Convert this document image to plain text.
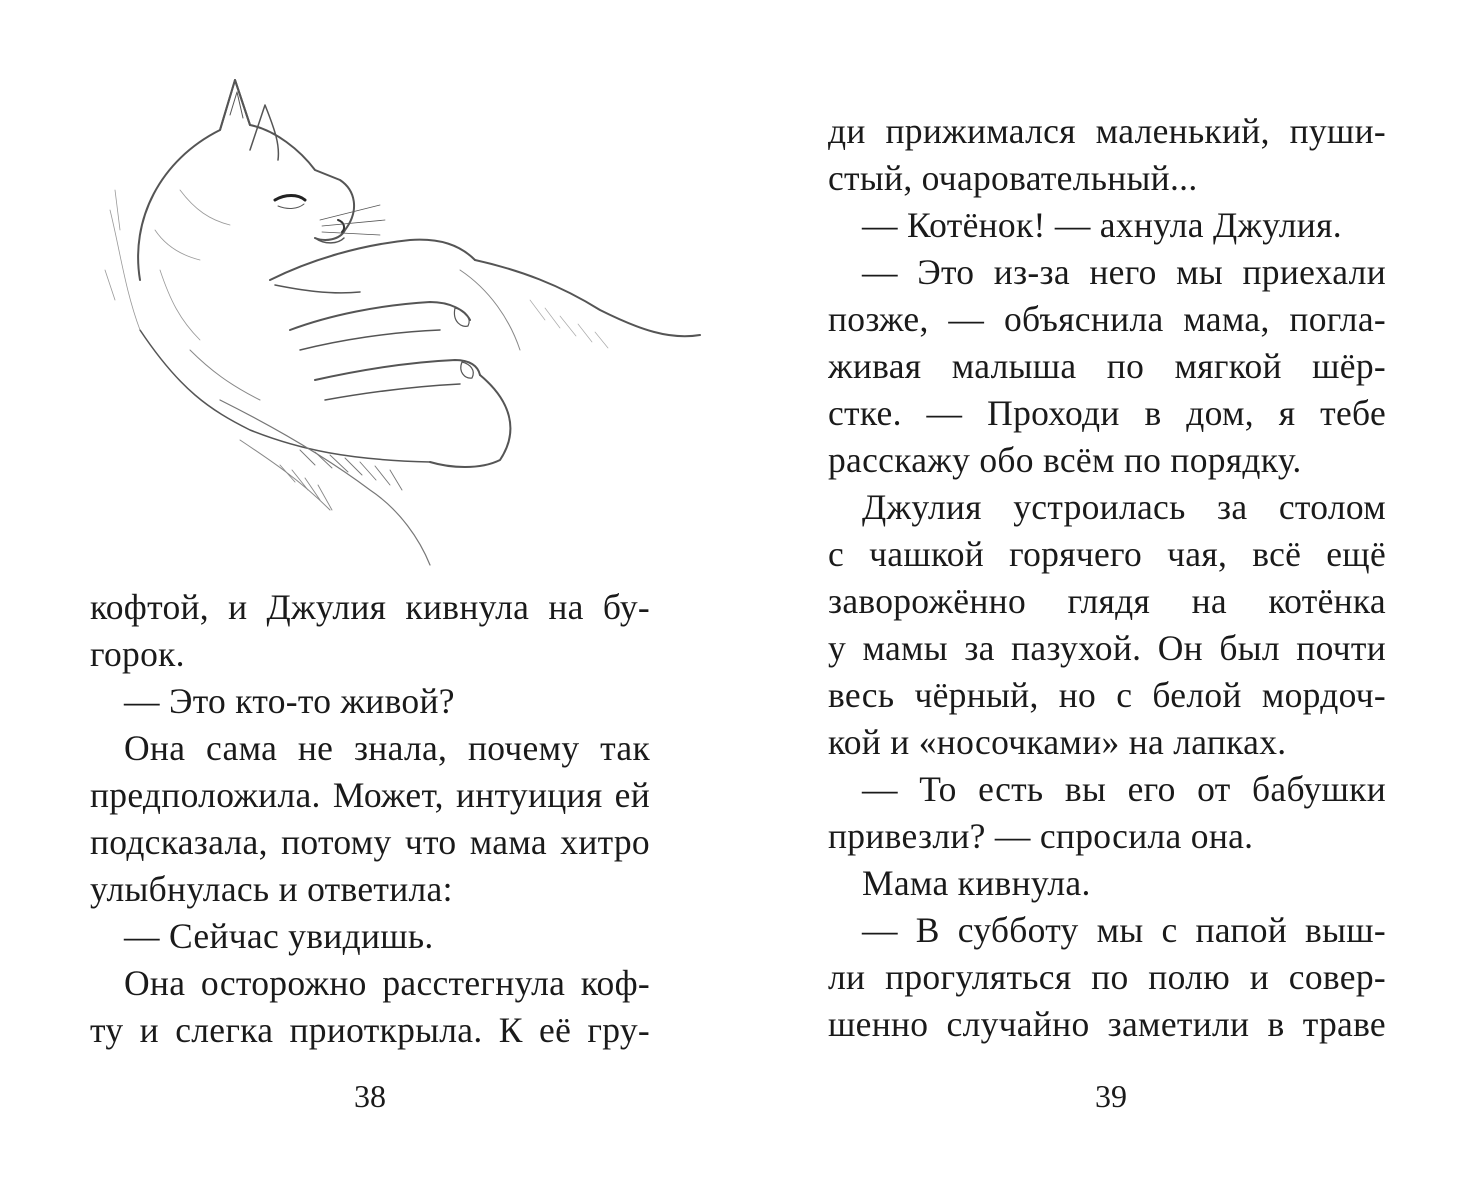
кофтой, и Джулия кивнула на бу-
горок.
— Это кто-то живой?
Она сама не знала, почему так
предположила. Может, интуиция ей
подсказала, потому что мама хитро
улыбнулась и ответила:
— Сейчас увидишь.
Она осторожно расстегнула коф-
ту и слегка приоткрыла. К её гру-
38
ди прижимался маленький, пуши-
стый, очаровательный...
— Котёнок! — ахнула Джулия.
— Это из-за него мы приехали
позже, — объяснила мама, погла-
живая малыша по мягкой шёр-
стке. — Проходи в дом, я тебе
расскажу обо всём по порядку.
Джулия устроилась за столом
с чашкой горячего чая, всё ещё
заворожённо глядя на котёнка
у мамы за пазухой. Он был почти
весь чёрный, но с белой мордоч-
кой и «носочками» на лапках.
— То есть вы его от бабушки
привезли? — спросила она.
Мама кивнула.
— В субботу мы с папой выш-
ли прогуляться по полю и совер-
шенно случайно заметили в траве
39
